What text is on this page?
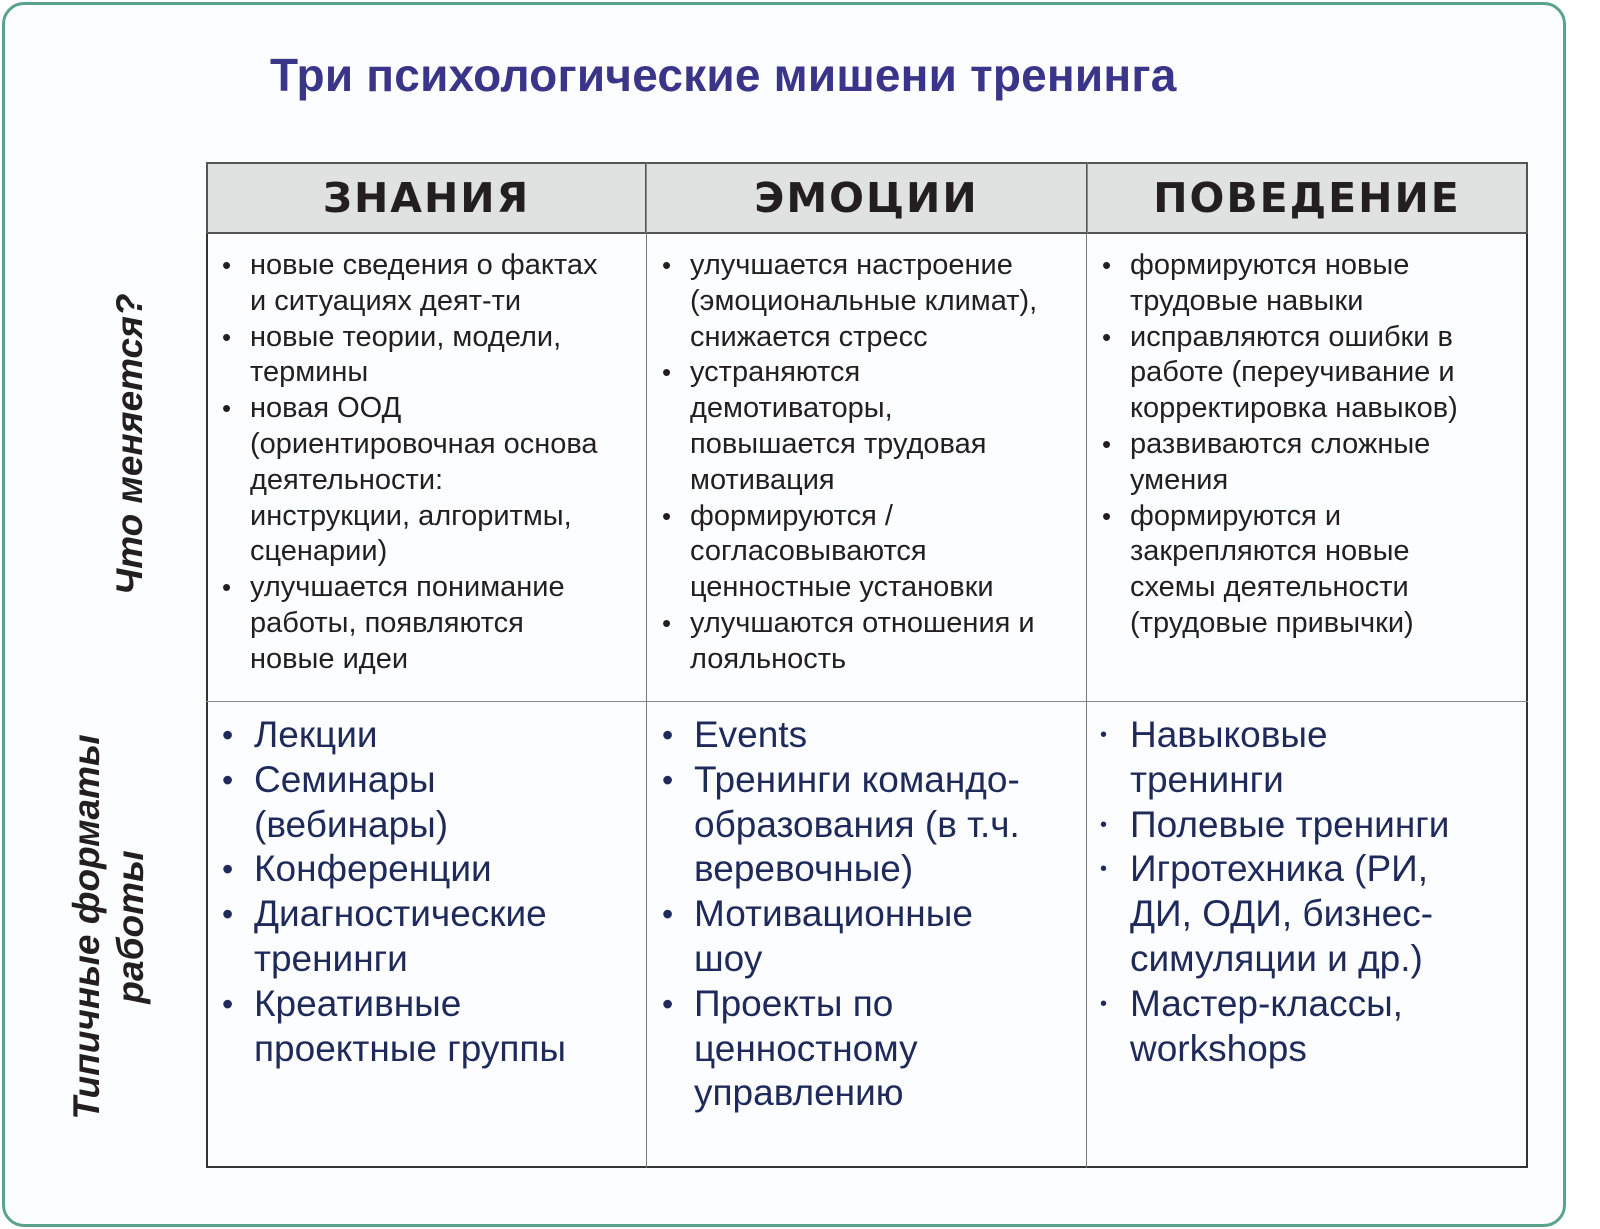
Три психологические мишени тренинга
ЗНАНИЯ	ЭМОЦИИ	ПОВЕДЕНИЕ
• новые сведения о фактах
и ситуациях деят-ти
• новые теории, модели,
термины
• новая ООД
(ориентировочная основа
деятельности:
инструкции, алгоритмы,
сценарии)
• улучшается понимание
работы, появляются
новые идеи
• улучшается настроение
(эмоциональные климат),
снижается стресс
• устраняются
демотиваторы,
повышается трудовая
мотивация
• формируются /
согласовываются
ценностные установки
• улучшаются отношения и
лояльность
• формируются новые
трудовые навыки
• исправляются ошибки в
работе (переучивание и
корректировка навыков)
• развиваются сложные
умения
• формируются и
закрепляются новые
схемы деятельности
(трудовые привычки)
• Лекции
• Семинары
(вебинары)
• Конференции
• Диагностические
тренинги
• Креативные
проектные группы
• Events
• Тренинги командо-
образования (в т.ч.
веревочные)
• Мотивационные
шоу
• Проекты по
ценностному
управлению
• Навыковые
тренинги
• Полевые тренинги
• Игротехника (РИ,
ДИ, ОДИ, бизнес-
симуляции и др.)
• Мастер-классы,
workshops
Что меняется?
Типичные форматы
работы
